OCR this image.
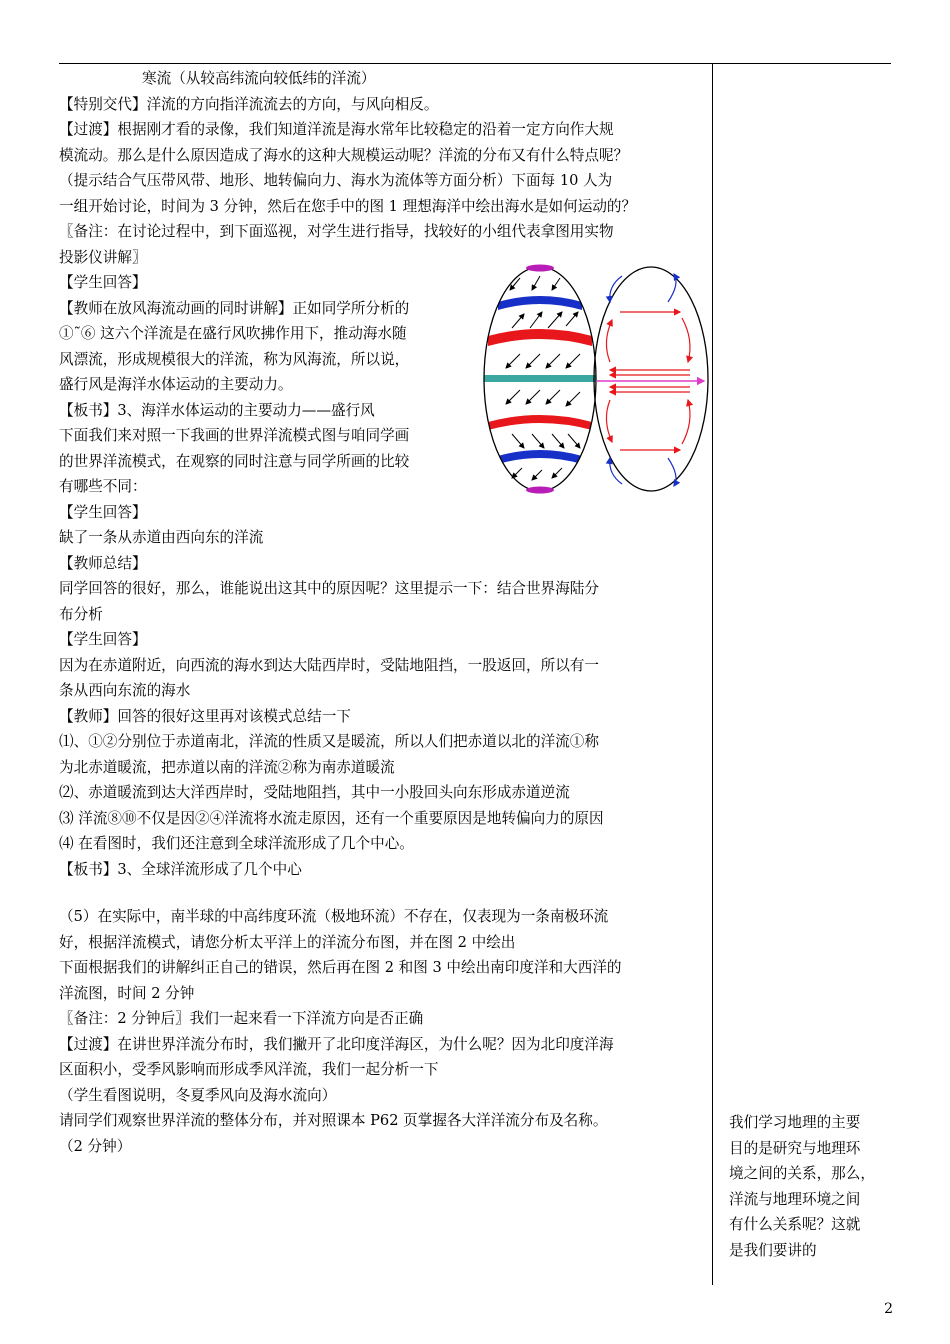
寒流（从较高纬流向较低纬的洋流）

【特别交代】洋流的方向指洋流流去的方向，与风向相反。

【过渡】根据刚才看的录像，我们知道洋流是海水常年比较稳定的沿着一定方向作大规

模流动。那么是什么原因造成了海水的这种大规模运动呢？洋流的分布又有什么特点呢？

（提示结合气压带风带、地形、地转偏向力、海水为流体等方面分析）下面每 10 人为

一组开始讨论，时间为 3 分钟，然后在您手中的图 1 理想海洋中绘出海水是如何运动的？

〖备注：在讨论过程中，到下面巡视，对学生进行指导，找较好的小组代表拿图用实物

投影仪讲解〗

【学生回答】

【教师在放风海流动画的同时讲解】正如同学所分析的

①˜⑥ 这六个洋流是在盛行风吹拂作用下，推动海水随

风漂流，形成规模很大的洋流，称为风海流，所以说，

盛行风是海洋水体运动的主要动力。

【板书】3、海洋水体运动的主要动力——盛行风

下面我们来对照一下我画的世界洋流模式图与咱同学画

的世界洋流模式，在观察的同时注意与同学所画的比较

有哪些不同：

【学生回答】

缺了一条从赤道由西向东的洋流

【教师总结】

同学回答的很好，那么，谁能说出这其中的原因呢？这里提示一下：结合世界海陆分

布分析

【学生回答】

因为在赤道附近，向西流的海水到达大陆西岸时，受陆地阻挡，一股返回，所以有一

条从西向东流的海水

【教师】回答的很好这里再对该模式总结一下

⑴、①②分别位于赤道南北，洋流的性质又是暖流，所以人们把赤道以北的洋流①称

为北赤道暖流，把赤道以南的洋流②称为南赤道暖流

⑵、赤道暖流到达大洋西岸时，受陆地阻挡，其中一小股回头向东形成赤道逆流

⑶ 洋流⑧⑩不仅是因②④洋流将水流走原因，还有一个重要原因是地转偏向力的原因

⑷ 在看图时，我们还注意到全球洋流形成了几个中心。

【板书】3、全球洋流形成了几个中心

（5）在实际中，南半球的中高纬度环流（极地环流）不存在，仅表现为一条南极环流

好，根据洋流模式，请您分析太平洋上的洋流分布图，并在图 2 中绘出

下面根据我们的讲解纠正自己的错误，然后再在图 2 和图 3 中绘出南印度洋和大西洋的

洋流图，时间 2 分钟

〖备注：2 分钟后〗我们一起来看一下洋流方向是否正确

【过渡】在讲世界洋流分布时，我们撇开了北印度洋海区，为什么呢？因为北印度洋海

区面积小，受季风影响而形成季风洋流，我们一起分析一下

（学生看图说明，冬夏季风向及海水流向）

请同学们观察世界洋流的整体分布，并对照课本 P62 页掌握各大洋洋流分布及名称。

（2 分钟）

我们学习地理的主要

目的是研究与地理环

境之间的关系，那么，

洋流与地理环境之间

有什么关系呢？这就

是我们要讲的

2
